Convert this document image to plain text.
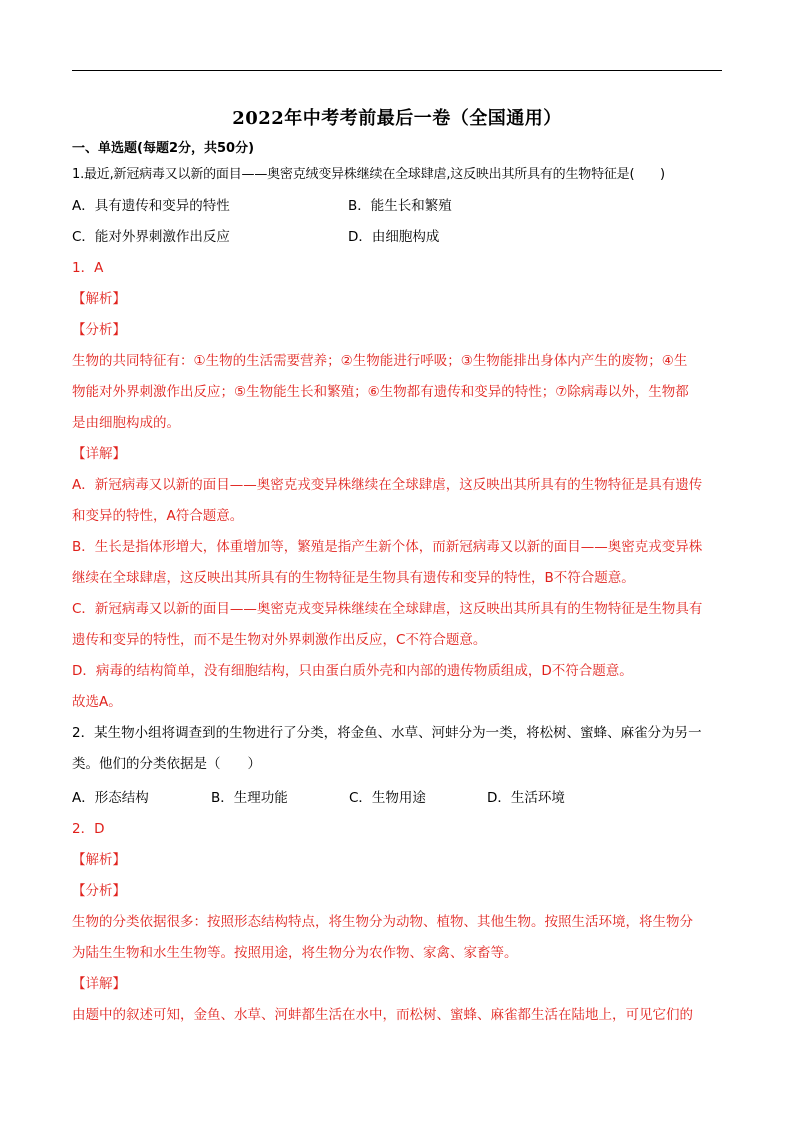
2022年中考考前最后一卷（全国通用）
一、单选题(每题2分，共50分)
1.最近,新冠病毒又以新的面目——奥密克绒变异株继续在全球肆虐,这反映出其所具有的生物特征是(　　)
A．具有遗传和变异的特性	B．能生长和繁殖
C．能对外界刺激作出反应	D．由细胞构成
1．A
【解析】
【分析】
生物的共同特征有：①生物的生活需要营养；②生物能进行呼吸；③生物能排出身体内产生的废物；④生
物能对外界刺激作出反应；⑤生物能生长和繁殖；⑥生物都有遗传和变异的特性；⑦除病毒以外，生物都
是由细胞构成的。
【详解】
A．新冠病毒又以新的面目——奥密克戎变异株继续在全球肆虐，这反映出其所具有的生物特征是具有遗传
和变异的特性，A符合题意。
B．生长是指体形增大，体重增加等，繁殖是指产生新个体，而新冠病毒又以新的面目——奥密克戎变异株
继续在全球肆虐，这反映出其所具有的生物特征是生物具有遗传和变异的特性，B不符合题意。
C．新冠病毒又以新的面目——奥密克戎变异株继续在全球肆虐，这反映出其所具有的生物特征是生物具有
遗传和变异的特性，而不是生物对外界刺激作出反应，C不符合题意。
D．病毒的结构简单，没有细胞结构，只由蛋白质外壳和内部的遗传物质组成，D不符合题意。
故选A。
2．某生物小组将调查到的生物进行了分类，将金鱼、水草、河蚌分为一类，将松树、蜜蜂、麻雀分为另一
类。他们的分类依据是（　　）
A．形态结构	B．生理功能	C．生物用途	D．生活环境
2．D
【解析】
【分析】
生物的分类依据很多：按照形态结构特点，将生物分为动物、植物、其他生物。按照生活环境，将生物分
为陆生生物和水生生物等。按照用途，将生物分为农作物、家禽、家畜等。
【详解】
由题中的叙述可知，金鱼、水草、河蚌都生活在水中，而松树、蜜蜂、麻雀都生活在陆地上，可见它们的
